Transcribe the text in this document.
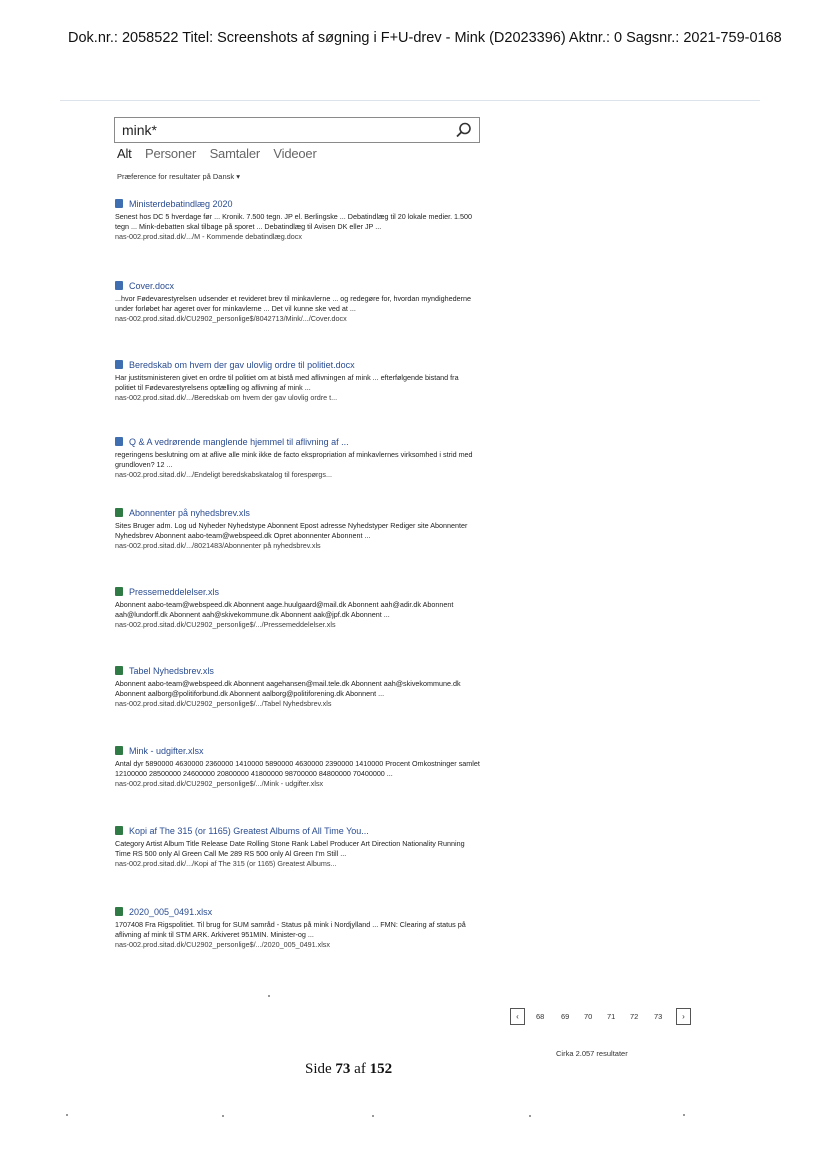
Dok.nr.: 2058522 Titel: Screenshots af søgning i F+U-drev - Mink (D2023396) Aktnr.: 0 Sagsnr.: 2021-759-0168
mink*
Alt Personer Samtaler Videoer
Præference for resultater på Dansk ▾
Ministerdebatindlæg 2020
Senest hos DC 5 hverdage før ... Kronik. 7.500 tegn. JP el. Berlingske ... Debatindlæg til 20 lokale medier. 1.500 tegn ... Mink-debatten skal tilbage på sporet ... Debatindlæg til Avisen DK eller JP ...
nas-002.prod.sitad.dk/.../M - Kommende debatindlæg.docx
Cover.docx
...hvor Fødevarestyrelsen udsender et revideret brev til minkavlerne ... og redegøre for, hvordan myndighederne under forløbet har ageret over for minkavlerne ... Det vil kunne ske ved at ...
nas-002.prod.sitad.dk/CU2902_personlige$/8042713/Mink/.../Cover.docx
Beredskab om hvem der gav ulovlig ordre til politiet.docx
Har justitsministeren givet en ordre til politiet om at bistå med aflivningen af mink ... efterfølgende bistand fra politiet til Fødevarestyrelsens optælling og aflivning af mink ...
nas-002.prod.sitad.dk/.../Beredskab om hvem der gav ulovlig ordre t...
Q & A vedrørende manglende hjemmel til aflivning af ...
regeringens beslutning om at aflive alle mink ikke de facto ekspropriation af minkavlernes virksomhed i strid med grundloven? 12 ...
nas-002.prod.sitad.dk/.../Endeligt beredskabskatalog til forespørgs...
Abonnenter på nyhedsbrev.xls
Sites Bruger adm. Log ud Nyheder Nyhedstype Abonnent Epost adresse Nyhedstyper Rediger site Abonnenter Nyhedsbrev Abonnent aabo-team@webspeed.dk Opret abonnenter Abonnent ...
nas-002.prod.sitad.dk/.../8021483/Abonnenter på nyhedsbrev.xls
Pressemeddelelser.xls
Abonnent aabo-team@webspeed.dk Abonnent aage.huulgaard@mail.dk Abonnent aah@adir.dk Abonnent aah@lundorff.dk Abonnent aah@skivekommune.dk Abonnent aak@jpf.dk Abonnent ...
nas-002.prod.sitad.dk/CU2902_personlige$/.../Pressemeddelelser.xls
Tabel Nyhedsbrev.xls
Abonnent aabo-team@webspeed.dk Abonnent aagehansen@mail.tele.dk Abonnent aah@skivekommune.dk Abonnent aalborg@politiforbund.dk Abonnent aalborg@politiforening.dk Abonnent ...
nas-002.prod.sitad.dk/CU2902_personlige$/.../Tabel Nyhedsbrev.xls
Mink - udgifter.xlsx
Antal dyr 5890000 4630000 2360000 1410000 5890000 4630000 2390000 1410000 Procent Omkostninger samlet 12100000 28500000 24600000 20800000 41800000 98700000 84800000 70400000 ...
nas-002.prod.sitad.dk/CU2902_personlige$/.../Mink - udgifter.xlsx
Kopi af The 315 (or 1165) Greatest Albums of All Time You...
Category Artist Album Title Release Date Rolling Stone Rank Label Producer Art Direction Nationality Running Time RS 500 only Al Green Call Me 289 RS 500 only Al Green I'm Still ...
nas-002.prod.sitad.dk/.../Kopi af The 315 (or 1165) Greatest Albums...
2020_005_0491.xlsx
1707408 Fra Rigspolitiet. Til brug for SUM samråd - Status på mink i Nordjylland ... FMN: Clearing af status på aflivning af mink til STM ARK. Arkiveret 951MIN. Minister-og ...
nas-002.prod.sitad.dk/CU2902_personlige$/.../2020_005_0491.xlsx
‹	68 69 70 71 72 73	›
Cirka 2.057 resultater
Side 73 af 152
